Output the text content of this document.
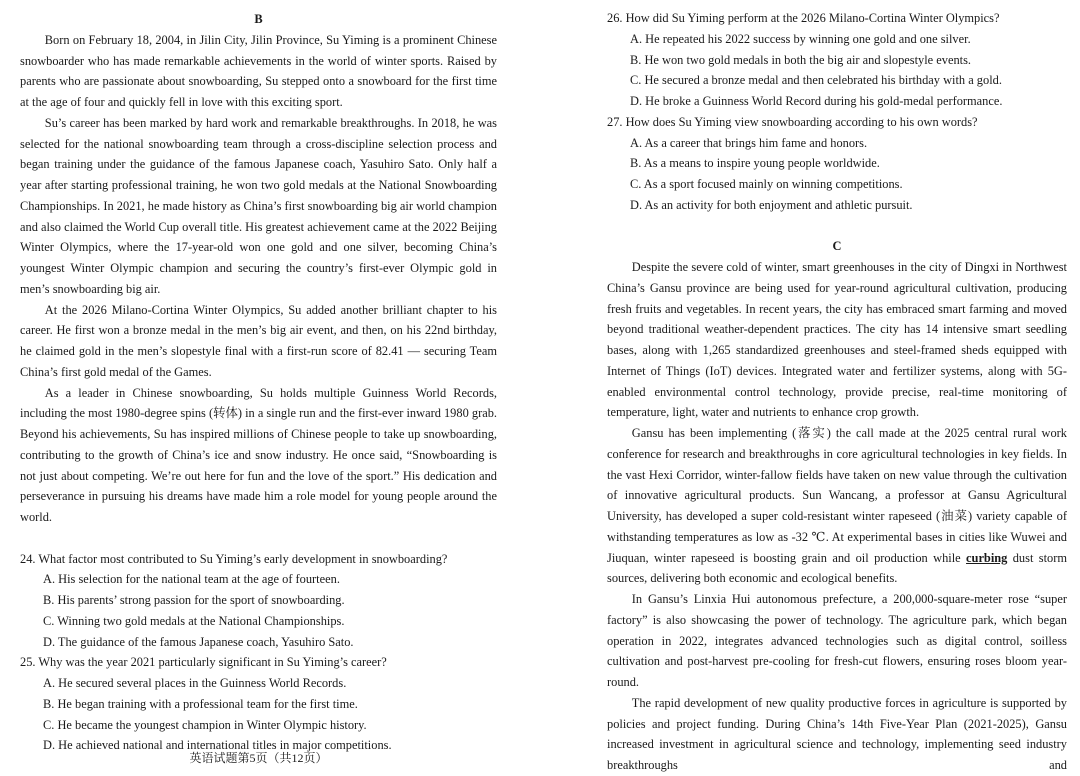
B

Born on February 18, 2004, in Jilin City, Jilin Province, Su Yiming is a prominent Chinese snowboarder who has made remarkable achievements in the world of winter sports. Raised by parents who are passionate about snowboarding, Su stepped onto a snowboard for the first time at the age of four and quickly fell in love with this exciting sport.

Su’s career has been marked by hard work and remarkable breakthroughs. In 2018, he was selected for the national snowboarding team through a cross-discipline selection process and began training under the guidance of the famous Japanese coach, Yasuhiro Sato. Only half a year after starting professional training, he won two gold medals at the National Snowboarding Championships. In 2021, he made history as China’s first snowboarding big air world champion and also claimed the World Cup overall title. His greatest achievement came at the 2022 Beijing Winter Olympics, where the 17-year-old won one gold and one silver, becoming China’s youngest Winter Olympic champion and securing the country’s first-ever Olympic gold in men’s snowboarding big air.

At the 2026 Milano-Cortina Winter Olympics, Su added another brilliant chapter to his career. He first won a bronze medal in the men’s big air event, and then, on his 22nd birthday, he claimed gold in the men’s slopestyle final with a first-run score of 82.41 — securing Team China’s first gold medal of the Games.

As a leader in Chinese snowboarding, Su holds multiple Guinness World Records, including the most 1980-degree spins (转体) in a single run and the first-ever inward 1980 grab. Beyond his achievements, Su has inspired millions of Chinese people to take up snowboarding, contributing to the growth of China’s ice and snow industry. He once said, “Snowboarding is not just about competing. We’re out here for fun and the love of the sport.” His dedication and perseverance in pursuing his dreams have made him a role model for young people around the world.

24. What factor most contributed to Su Yiming’s early development in snowboarding?
A. His selection for the national team at the age of fourteen.
B. His parents’ strong passion for the sport of snowboarding.
C. Winning two gold medals at the National Championships.
D. The guidance of the famous Japanese coach, Yasuhiro Sato.
25. Why was the year 2021 particularly significant in Su Yiming’s career?
A. He secured several places in the Guinness World Records.
B. He began training with a professional team for the first time.
C. He became the youngest champion in Winter Olympic history.
D. He achieved national and international titles in major competitions.
26. How did Su Yiming perform at the 2026 Milano-Cortina Winter Olympics?
A. He repeated his 2022 success by winning one gold and one silver.
B. He won two gold medals in both the big air and slopestyle events.
C. He secured a bronze medal and then celebrated his birthday with a gold.
D. He broke a Guinness World Record during his gold-medal performance.
27. How does Su Yiming view snowboarding according to his own words?
A. As a career that brings him fame and honors.
B. As a means to inspire young people worldwide.
C. As a sport focused mainly on winning competitions.
D. As an activity for both enjoyment and athletic pursuit.
C

Despite the severe cold of winter, smart greenhouses in the city of Dingxi in Northwest China’s Gansu province are being used for year-round agricultural cultivation, producing fresh fruits and vegetables. In recent years, the city has embraced smart farming and moved beyond traditional weather-dependent practices. The city has 14 intensive smart seedling bases, along with 1,265 standardized greenhouses and steel-framed sheds equipped with Internet of Things (IoT) devices. Integrated water and fertilizer systems, along with 5G-enabled environmental control technology, provide precise, real-time monitoring of temperature, light, water and nutrients to enhance crop growth.

Gansu has been implementing (落实) the call made at the 2025 central rural work conference for research and breakthroughs in core agricultural technologies in key fields. In the vast Hexi Corridor, winter-fallow fields have taken on new value through the cultivation of innovative agricultural products. Sun Wancang, a professor at Gansu Agricultural University, has developed a super cold-resistant winter rapeseed (油菜) variety capable of withstanding temperatures as low as -32 ℃. At experimental bases in cities like Wuwei and Jiuquan, winter rapeseed is boosting grain and oil production while curbing dust storm sources, delivering both economic and ecological benefits.

In Gansu’s Linxia Hui autonomous prefecture, a 200,000-square-meter rose “super factory” is also showcasing the power of technology. The agriculture park, which began operation in 2022, integrates advanced technologies such as digital control, soilless cultivation and post-harvest pre-cooling for fresh-cut flowers, ensuring roses bloom year-round.

The rapid development of new quality productive forces in agriculture is supported by policies and project funding. During China’s 14th Five-Year Plan (2021-2025), Gansu increased investment in agricultural science and technology, implementing seed industry breakthroughs and

英语试题第5页（共12页）
